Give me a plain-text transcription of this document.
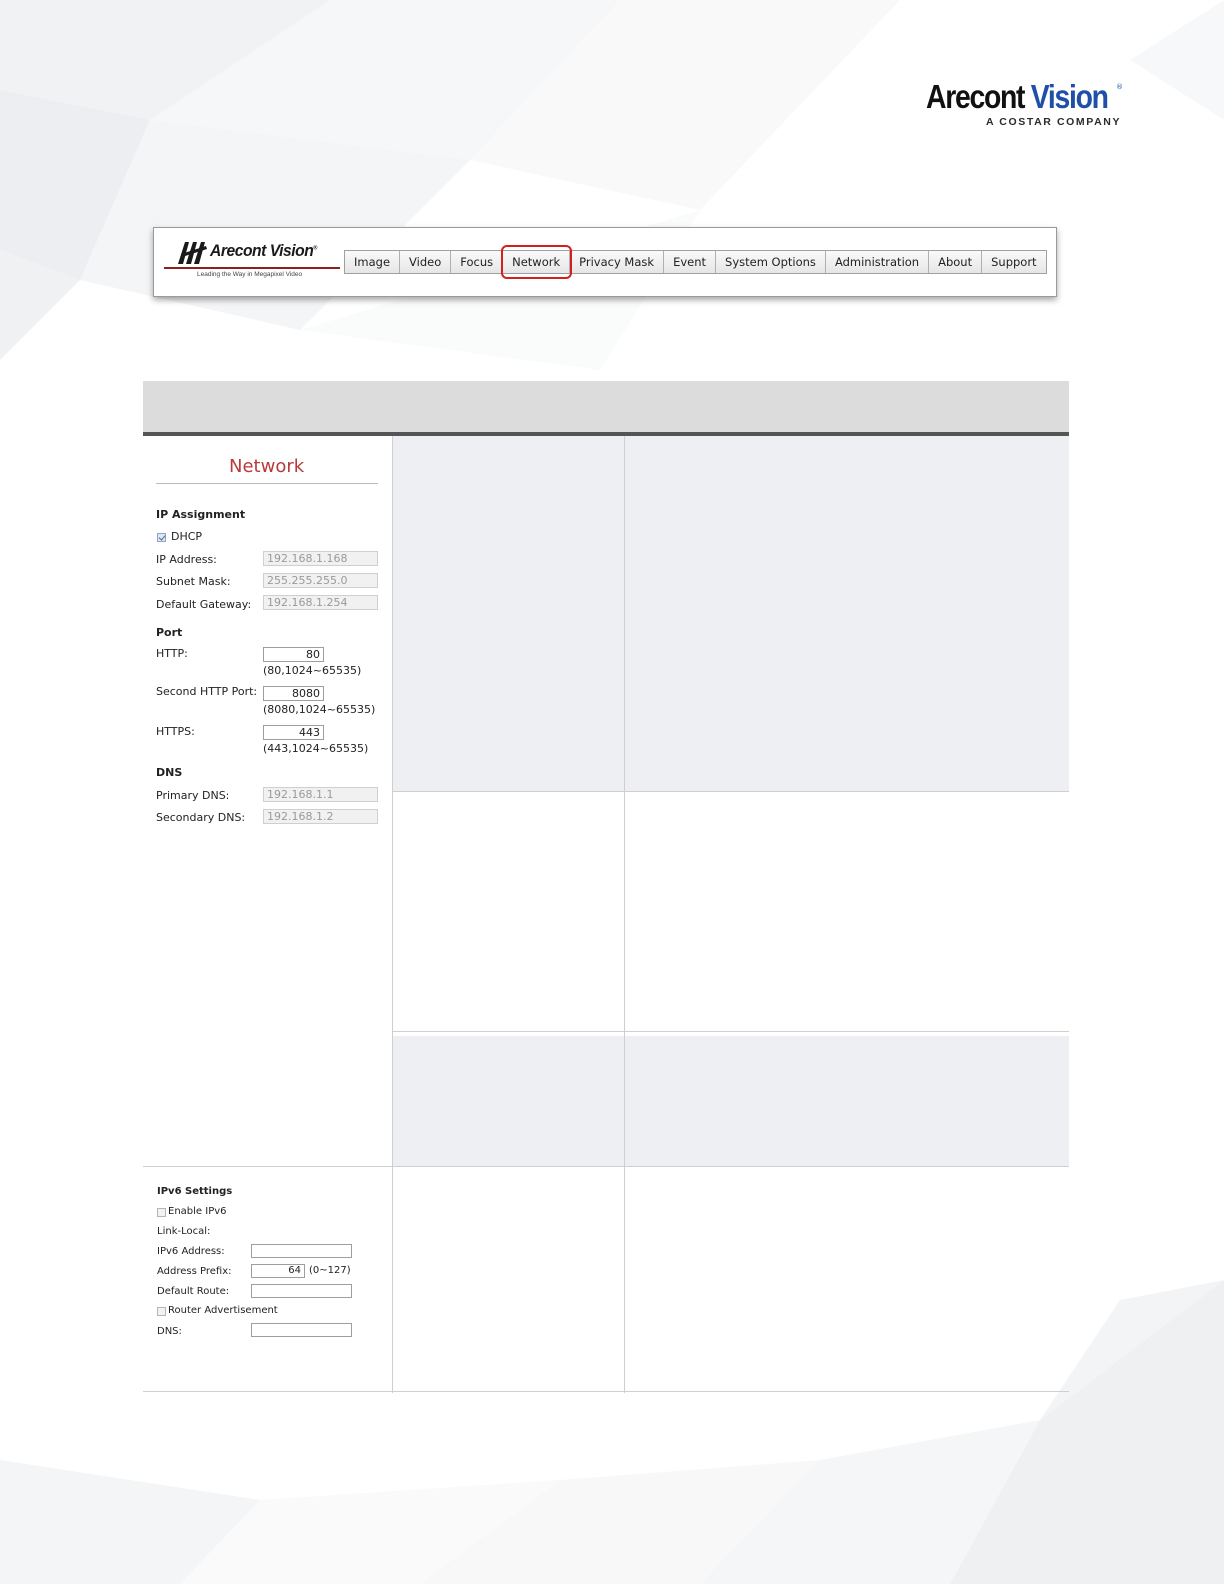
Arecont Vision ®
A COSTAR COMPANY
Arecont Vision®
Leading the Way in Megapixel Video
Image	Video	Focus	Network	Privacy Mask	Event	System Options	Administration	About	Support
Network
IP Assignment
DHCP
IP Address:	192.168.1.168
Subnet Mask:	255.255.255.0
Default Gateway:	192.168.1.254
Port
HTTP:	80
(80,1024~65535)
Second HTTP Port:	8080
(8080,1024~65535)
HTTPS:	443
(443,1024~65535)
DNS
Primary DNS:	192.168.1.1
Secondary DNS:	192.168.1.2
IPv6 Settings
Enable IPv6
Link-Local:
IPv6 Address:
Address Prefix:	64 (0~127)
Default Route:
Router Advertisement
DNS:
